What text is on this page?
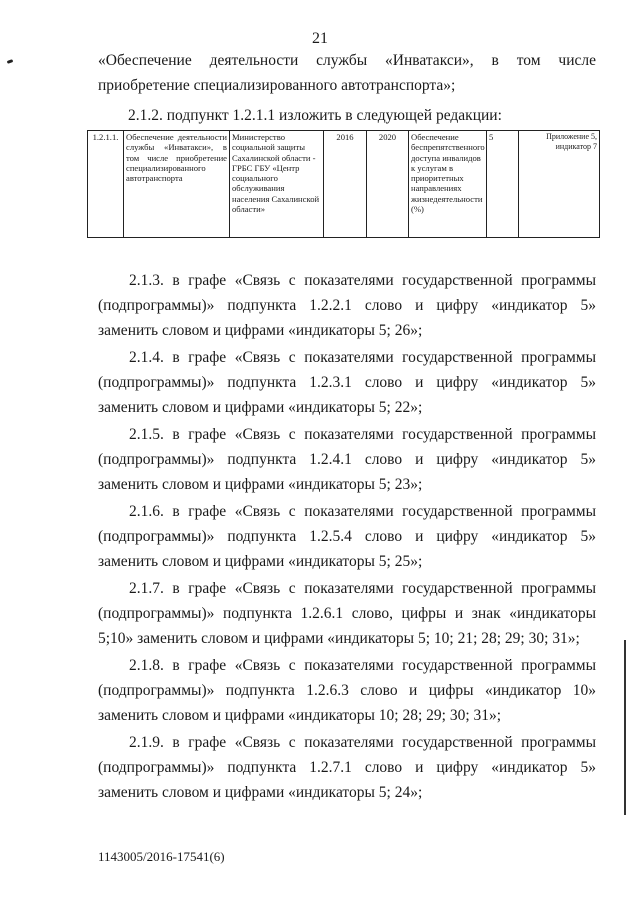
21
«Обеспечение деятельности службы «Инватакси», в том числе приобретение специализированного автотранспорта»;
2.1.2. подпункт 1.2.1.1 изложить в следующей редакции:
1.2.1.1.	Обеспечение деятельности службы «Инватакси», в том числе приобретение специализированного автотранспорта	Министерство социальной защиты Сахалинской области - ГРБС ГБУ «Центр социального обслуживания населения Сахалинской области»	2016	2020	Обеспечение беспрепятственного доступа инвалидов к услугам в приоритетных направлениях жизнедеятельности (%)	5	Приложение 5, индикатор 7

2.1.3. в графе «Связь с показателями государственной программы (подпрограммы)» подпункта 1.2.2.1 слово и цифру «индикатор 5» заменить словом и цифрами «индикаторы 5; 26»;

2.1.4. в графе «Связь с показателями государственной программы (подпрограммы)» подпункта 1.2.3.1 слово и цифру «индикатор 5» заменить словом и цифрами «индикаторы 5; 22»;

2.1.5. в графе «Связь с показателями государственной программы (подпрограммы)» подпункта 1.2.4.1 слово и цифру «индикатор 5» заменить словом и цифрами «индикаторы 5; 23»;

2.1.6. в графе «Связь с показателями государственной программы (подпрограммы)» подпункта 1.2.5.4 слово и цифру «индикатор 5» заменить словом и цифрами «индикаторы 5; 25»;

2.1.7. в графе «Связь с показателями государственной программы (подпрограммы)» подпункта 1.2.6.1 слово, цифры и знак «индикаторы 5;10» заменить словом и цифрами «индикаторы 5; 10; 21; 28; 29; 30; 31»;

2.1.8. в графе «Связь с показателями государственной программы (подпрограммы)» подпункта 1.2.6.3 слово и цифры «индикатор 10» заменить словом и цифрами «индикаторы 10; 28; 29; 30; 31»;

2.1.9. в графе «Связь с показателями государственной программы (подпрограммы)» подпункта 1.2.7.1 слово и цифру «индикатор 5» заменить словом и цифрами «индикаторы 5; 24»;

1143005/2016-17541(6)
